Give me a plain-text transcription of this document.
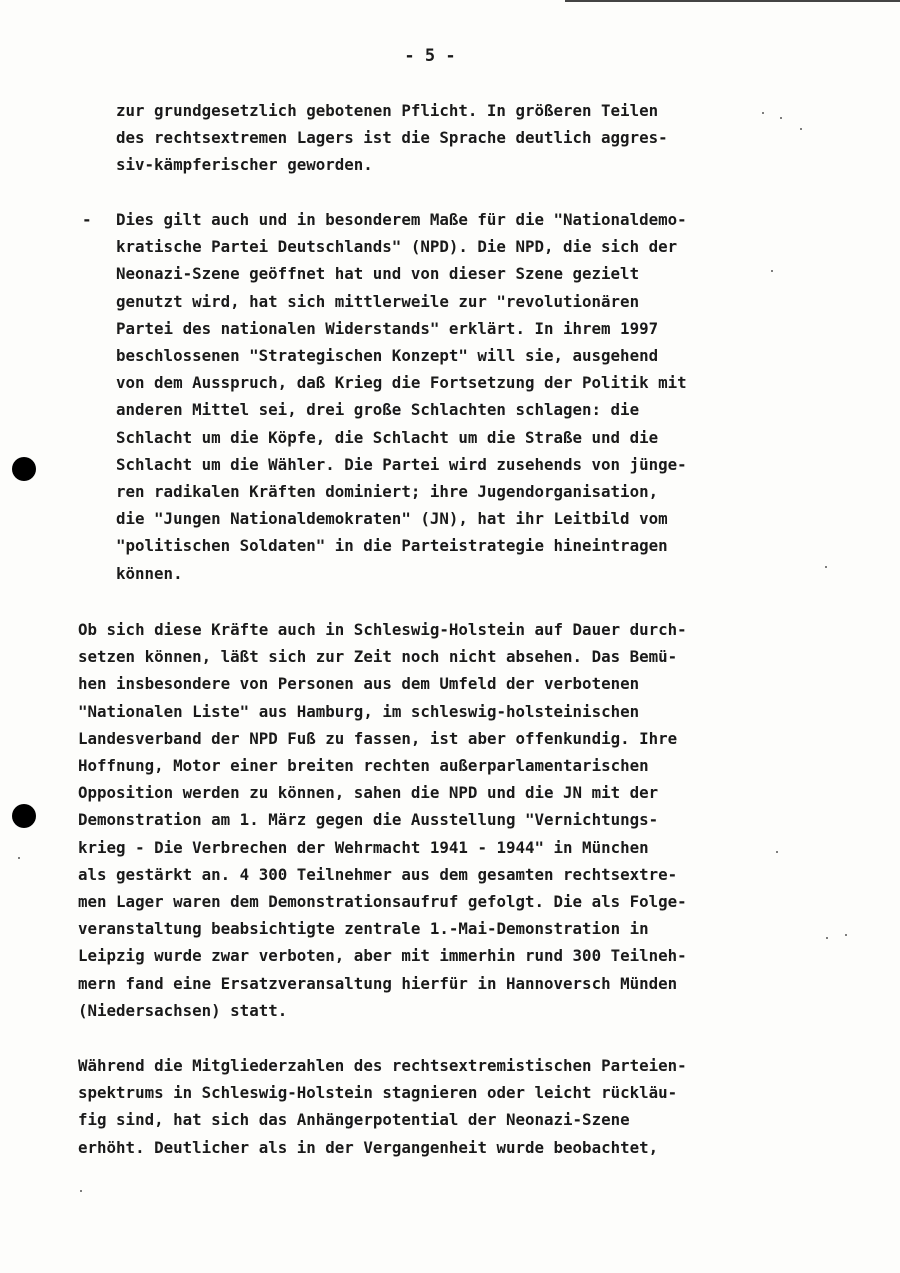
- 5 -
zur grundgesetzlich gebotenen Pflicht. In größeren Teilen
des rechtsextremen Lagers ist die Sprache deutlich aggres-
siv-kämpferischer geworden.
- Dies gilt auch und in besonderem Maße für die "Nationaldemo-
kratische Partei Deutschlands" (NPD). Die NPD, die sich der
Neonazi-Szene geöffnet hat und von dieser Szene gezielt
genutzt wird, hat sich mittlerweile zur "revolutionären
Partei des nationalen Widerstands" erklärt. In ihrem 1997
beschlossenen "Strategischen Konzept" will sie, ausgehend
von dem Ausspruch, daß Krieg die Fortsetzung der Politik mit
anderen Mittel sei, drei große Schlachten schlagen: die
Schlacht um die Köpfe, die Schlacht um die Straße und die
Schlacht um die Wähler. Die Partei wird zusehends von jünge-
ren radikalen Kräften dominiert; ihre Jugendorganisation,
die "Jungen Nationaldemokraten" (JN), hat ihr Leitbild vom
"politischen Soldaten" in die Parteistrategie hineintragen
können.
Ob sich diese Kräfte auch in Schleswig-Holstein auf Dauer durch-
setzen können, läßt sich zur Zeit noch nicht absehen. Das Bemü-
hen insbesondere von Personen aus dem Umfeld der verbotenen
"Nationalen Liste" aus Hamburg, im schleswig-holsteinischen
Landesverband der NPD Fuß zu fassen, ist aber offenkundig. Ihre
Hoffnung, Motor einer breiten rechten außerparlamentarischen
Opposition werden zu können, sahen die NPD und die JN mit der
Demonstration am 1. März gegen die Ausstellung "Vernichtungs-
krieg - Die Verbrechen der Wehrmacht 1941 - 1944" in München
als gestärkt an. 4 300 Teilnehmer aus dem gesamten rechtsextre-
men Lager waren dem Demonstrationsaufruf gefolgt. Die als Folge-
veranstaltung beabsichtigte zentrale 1.-Mai-Demonstration in
Leipzig wurde zwar verboten, aber mit immerhin rund 300 Teilneh-
mern fand eine Ersatzveransaltung hierfür in Hannoversch Münden
(Niedersachsen) statt.
Während die Mitgliederzahlen des rechtsextremistischen Parteien-
spektrums in Schleswig-Holstein stagnieren oder leicht rückläu-
fig sind, hat sich das Anhängerpotential der Neonazi-Szene
erhöht. Deutlicher als in der Vergangenheit wurde beobachtet,
